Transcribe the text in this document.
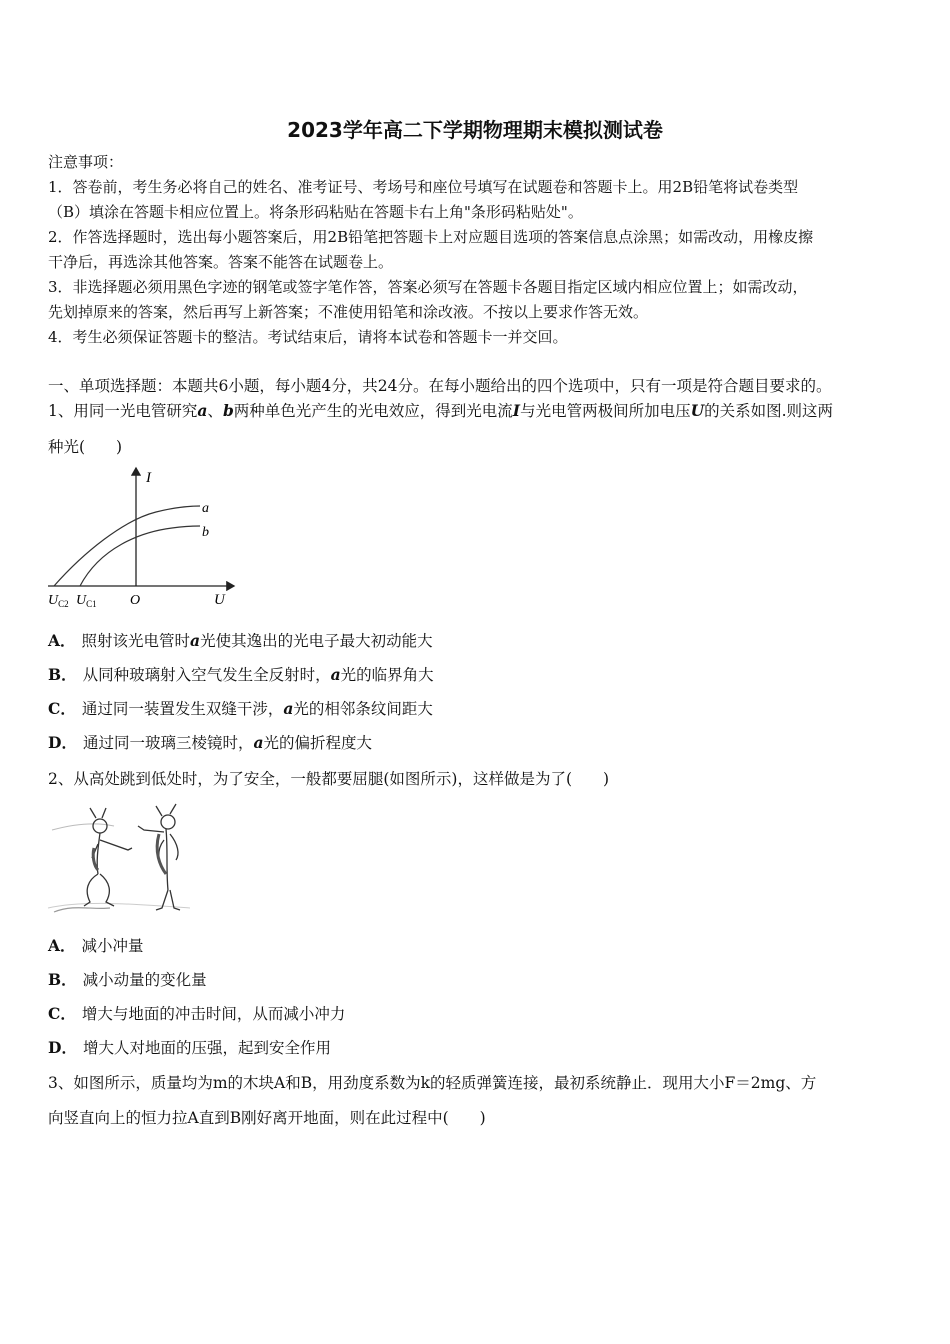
2023学年高二下学期物理期末模拟测试卷
注意事项：
1．答卷前，考生务必将自己的姓名、准考证号、考场号和座位号填写在试题卷和答题卡上。用2B铅笔将试卷类型
（B）填涂在答题卡相应位置上。将条形码粘贴在答题卡右上角"条形码粘贴处"。
2．作答选择题时，选出每小题答案后，用2B铅笔把答题卡上对应题目选项的答案信息点涂黑；如需改动，用橡皮擦
干净后，再选涂其他答案。答案不能答在试题卷上。
3．非选择题必须用黑色字迹的钢笔或签字笔作答，答案必须写在答题卡各题目指定区域内相应位置上；如需改动，
先划掉原来的答案，然后再写上新答案；不准使用铅笔和涂改液。不按以上要求作答无效。
4．考生必须保证答题卡的整洁。考试结束后，请将本试卷和答题卡一并交回。
一、单项选择题：本题共6小题，每小题4分，共24分。在每小题给出的四个选项中，只有一项是符合题目要求的。
1、用同一光电管研究a、b两种单色光产生的光电效应，得到光电流I与光电管两极间所加电压U的关系如图.则这两
种光(　　)
I
a
b
$U_{C2}$ $U_{C1}$ O	U
A． 照射该光电管时a光使其逸出的光电子最大初动能大
B． 从同种玻璃射入空气发生全反射时，a光的临界角大
C． 通过同一装置发生双缝干涉，a光的相邻条纹间距大
D． 通过同一玻璃三棱镜时，a光的偏折程度大
2、从高处跳到低处时，为了安全，一般都要屈腿(如图所示)，这样做是为了(　　)
A． 减小冲量
B． 减小动量的变化量
C． 增大与地面的冲击时间，从而减小冲力
D． 增大人对地面的压强，起到安全作用
3、如图所示，质量均为m的木块A和B，用劲度系数为k的轻质弹簧连接，最初系统静止．现用大小F＝2mg、方
向竖直向上的恒力拉A直到B刚好离开地面，则在此过程中(　　)
